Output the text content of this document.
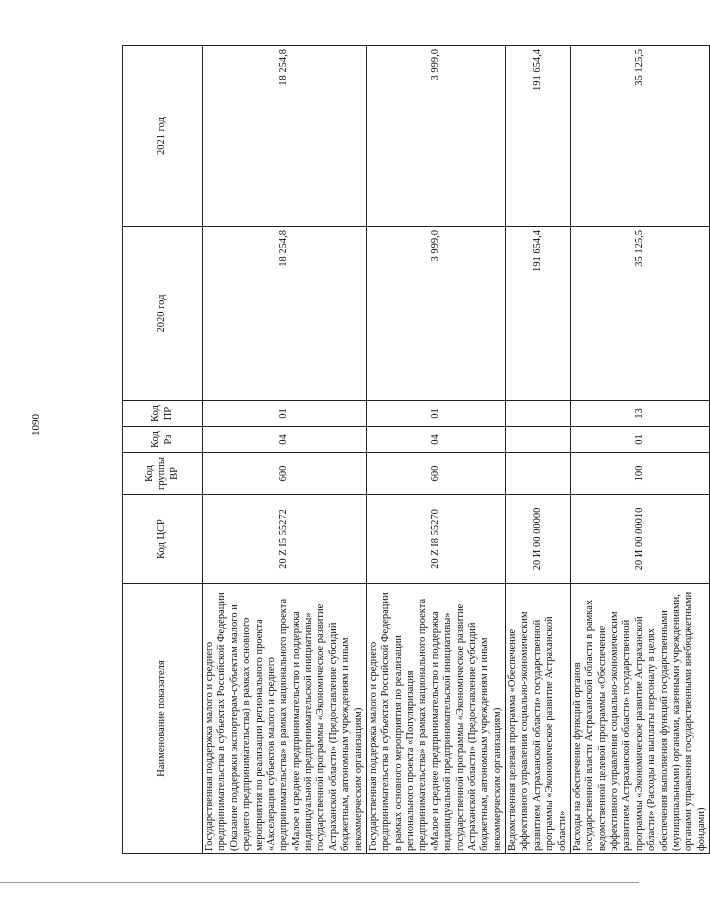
1090
Наименование показателя	Код ЦСР	Код группы ВР	Код Рз	Код ПР	2020 год	2021 год
Государственная поддержка малого и среднего предпринимательства в субъектах Российской Федерации (Оказание поддержки экспортерам-субъектам малого и среднего предпринимательства) в рамках основного мероприятия по реализации регионального проекта «Акселерация субъектов малого и среднего предпринимательства» в рамках национального проекта «Малое и среднее предпринимательство и поддержка индивидуальной предпринимательской инициативы» государственной программы «Экономическое развитие Астраханской области» (Предоставление субсидий бюджетным, автономным учреждениям и иным некоммерческим организациям)	20 Z I5 55272	600	04	01	18 254,8	18 254,8
Государственная поддержка малого и среднего предпринимательства в субъектах Российской Федерации в рамках основного мероприятия по реализации регионального проекта «Популяризация предпринимательства» в рамках национального проекта «Малое и среднее предпринимательство и поддержка индивидуальной предпринимательской инициативы» государственной программы «Экономическое развитие Астраханской области» (Предоставление субсидий бюджетным, автономным учреждениям и иным некоммерческим организациям)	20 Z I8 55270	600	04	01	3 999,0	3 999,0
Ведомственная целевая программа «Обеспечение эффективного управления социально-экономическим развитием Астраханской области» государственной программы «Экономическое развитие Астраханской области»	20 И 00 00000				191 654,4	191 654,4
Расходы на обеспечение функций органов государственной власти Астраханской области в рамках ведомственной целевой программы «Обеспечение эффективного управления социально-экономическим развитием Астраханской области» государственной программы «Экономическое развитие Астраханской области» (Расходы на выплаты персоналу в целях обеспечения выполнения функций государственными (муниципальными) органами, казенными учреждениями, органами управления государственными внебюджетными фондами)	20 И 00 00010	100	01	13	35 125,5	35 125,5
